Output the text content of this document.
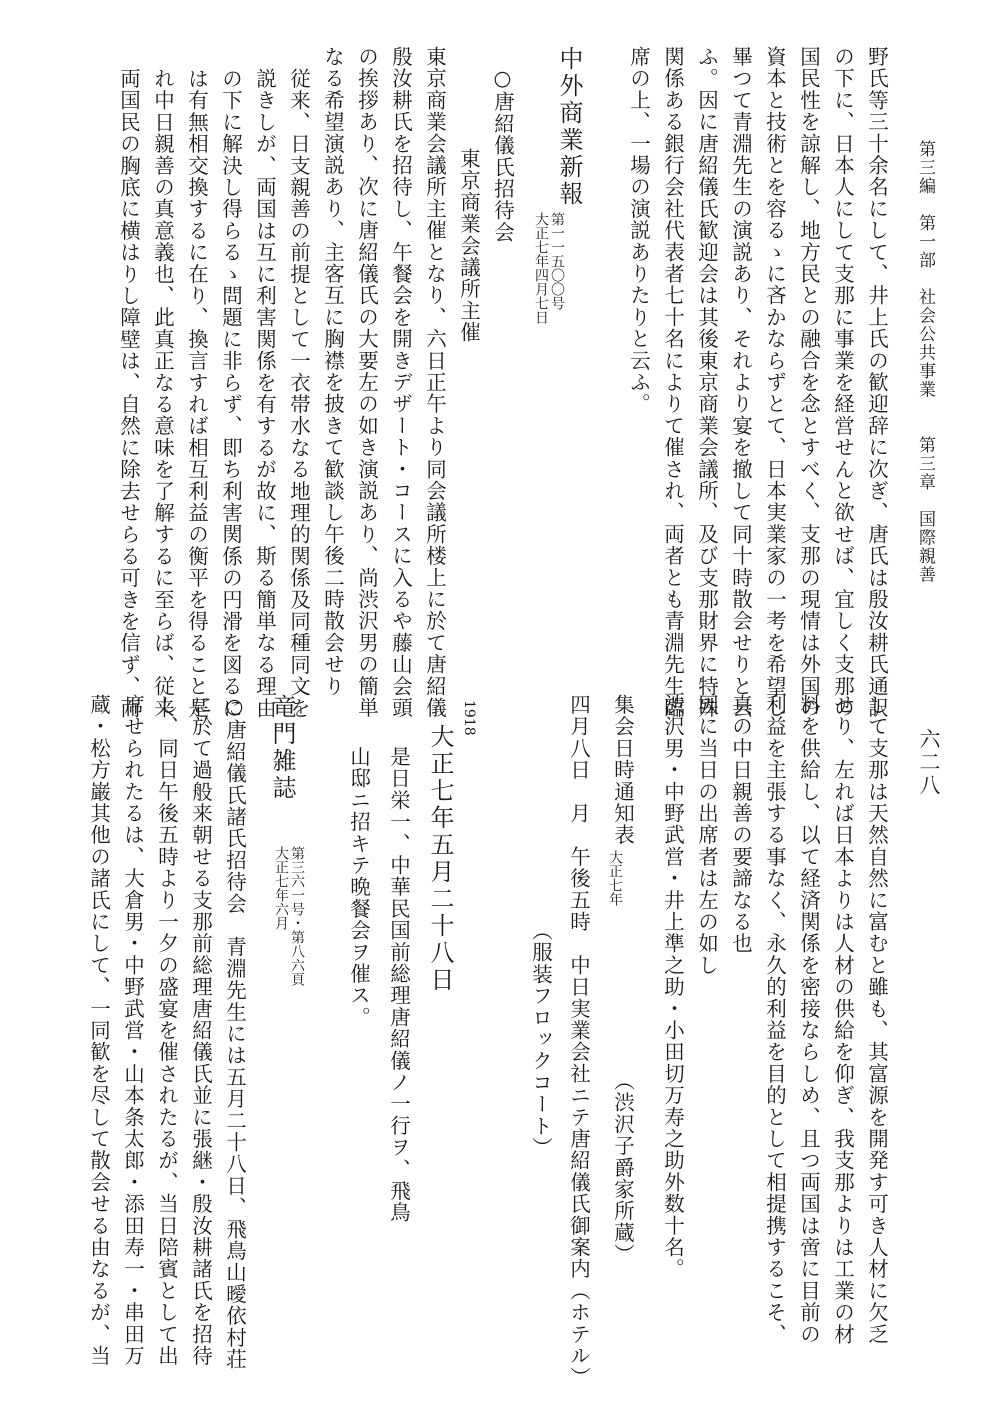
第三編　第一部　社会公共事業　　第三章　国際親善
六二八
野氏等三十余名にして、井上氏の歓迎辞に次ぎ、唐氏は殷汝耕氏通訳
の下に、日本人にして支那に事業を経営せんと欲せば、宜しく支那の
国民性を諒解し、地方民との融合を念とすべく、支那の現情は外国の
資本と技術とを容るゝに吝かならずとて、日本実業家の一考を希望し
畢つて青淵先生の演説あり、それより宴を撤して同十時散会せりと云
ふ。因に唐紹儀氏歓迎会は其後東京商業会議所、及び支那財界に特殊
関係ある銀行会社代表者七十名によりて催され、両者とも青淵先生臨
席の上、一場の演説ありたりと云ふ。
中外商業新報
第一一五〇〇号
大正七年四月七日
○唐紹儀氏招待会
東京商業会議所主催
東京商業会議所主催となり、六日正午より同会議所楼上に於て唐紹儀
殷汝耕氏を招待し、午餐会を開きデザート・コースに入るや藤山会頭
の挨拶あり、次に唐紹儀氏の大要左の如き演説あり、尚渋沢男の簡単
なる希望演説あり、主客互に胸襟を披きて歓談し午後二時散会せり
従来、日支親善の前提として一衣帯水なる地理的関係及同種同文を
説きしが、両国は互に利害関係を有するが故に、斯る簡単なる理由
の下に解決し得らるゝ問題に非らず、即ち利害関係の円滑を図るに
は有無相交換するに在り、換言すれば相互利益の衡平を得ること是
れ中日親善の真意義也、此真正なる意味を了解するに至らば、従来
両国民の胸底に横はりし障壁は、自然に除去せらる可きを信ず、而
して支那は天然自然に富むと雖も、其富源を開発す可き人材に欠乏
せり、左れば日本よりは人材の供給を仰ぎ、我支那よりは工業の材
料を供給し、以て経済関係を密接ならしめ、且つ両国は啻に目前の
利益を主張する事なく、永久的利益を目的として相提携するこそ、
真の中日親善の要諦なる也
因に当日の出席者は左の如し
渋沢男・中野武営・井上準之助・小田切万寿之助外数十名。
集会日時通知表
大正七年
（渋沢子爵家所蔵）
四月八日　月　午後五時　中日実業会社ニテ唐紹儀氏御案内（ホテル）
（服装フロックコート）
1918
大正七年五月二十八日
是日栄一、中華民国前総理唐紹儀ノ一行ヲ、飛鳥
山邸ニ招キテ晩餐会ヲ催ス。
竜門雑誌
第三六一号・第八六頁
大正七年六月
○唐紹儀氏諸氏招待会　青淵先生には五月二十八日、飛鳥山曖依村荘
に於て過般来朝せる支那前総理唐紹儀氏並に張継・殷汝耕諸氏を招待
し、同日午後五時より一夕の盛宴を催されたるが、当日陪賓として出
席せられたるは、大倉男・中野武営・山本条太郎・添田寿一・串田万
蔵・松方巌其他の諸氏にして、一同歓を尽して散会せる由なるが、当
